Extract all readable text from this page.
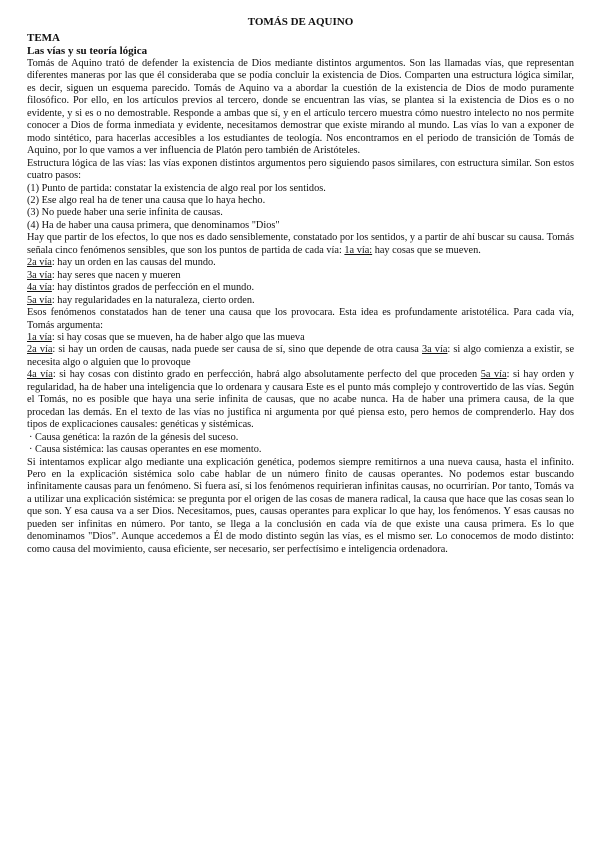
TOMÁS DE AQUINO
TEMA
Las vías y su teoría lógica

Tomás de Aquino trató de defender la existencia de Dios mediante distintos argumentos. Son las llamadas vías, que representan diferentes maneras por las que él consideraba que se podía concluir la existencia de Dios. Comparten una estructura lógica similar, es decir, siguen un esquema parecido. Tomás de Aquino va a abordar la cuestión de la existencia de Dios de modo puramente filosófico. Por ello, en los artículos previos al tercero, donde se encuentran las vías, se plantea si la existencia de Dios es o no evidente, y si es o no demostrable. Responde a ambas que sí, y en el artículo tercero muestra cómo nuestro intelecto no nos permite conocer a Dios de forma inmediata y evidente, necesitamos demostrar que existe mirando al mundo. Las vías lo van a exponer de modo sintético, para hacerlas accesibles a los estudiantes de teología. Nos encontramos en el periodo de transición de Tomás de Aquino, por lo que vamos a ver influencia de Platón pero también de Aristóteles.

Estructura lógica de las vías: las vías exponen distintos argumentos pero siguiendo pasos similares, con estructura similar. Son estos cuatro pasos:

(1) Punto de partida: constatar la existencia de algo real por los sentidos.
(2) Ese algo real ha de tener una causa que lo haya hecho.
(3) No puede haber una serie infinita de causas.
(4) Ha de haber una causa primera, que denominamos "Dios"

Hay que partir de los efectos, lo que nos es dado sensiblemente, constatado por los sentidos, y a partir de ahí buscar su causa. Tomás señala cinco fenómenos sensibles, que son los puntos de partida de cada vía: 1a vía: hay cosas que se mueven.

2a vía: hay un orden en las causas del mundo.
3a vía: hay seres que nacen y mueren
4a vía: hay distintos grados de perfección en el mundo.
5a vía: hay regularidades en la naturaleza, cierto orden.

Esos fenómenos constatados han de tener una causa que los provocara. Esta idea es profundamente aristotélica. Para cada vía, Tomás argumenta:

1a vía: si hay cosas que se mueven, ha de haber algo que las mueva
2a vía: si hay un orden de causas, nada puede ser causa de sí, sino que depende de otra causa 3a vía: si algo comienza a existir, se necesita algo o alguien que lo provoque
4a vía: si hay cosas con distinto grado en perfección, habrá algo absolutamente perfecto del que proceden 5a vía: si hay orden y regularidad, ha de haber una inteligencia que lo ordenara y causara Este es el punto más complejo y controvertido de las vías. Según el Tomás, no es posible que haya una serie infinita de causas, que no acabe nunca. Ha de haber una primera causa, de la que procedan las demás. En el texto de las vías no justifica ni argumenta por qué piensa esto, pero hemos de comprenderlo. Hay dos tipos de explicaciones causales: genéticas y sistémicas.

· Causa genética: la razón de la génesis del suceso.
· Causa sistémica: las causas operantes en ese momento.

Si intentamos explicar algo mediante una explicación genética, podemos siempre remitirnos a una nueva causa, hasta el infinito. Pero en la explicación sistémica solo cabe hablar de un número finito de causas operantes. No podemos estar buscando infinitamente causas para un fenómeno. Si fuera así, si los fenómenos requirieran infinitas causas, no ocurrirían. Por tanto, Tomás va a utilizar una explicación sistémica: se pregunta por el origen de las cosas de manera radical, la causa que hace que las cosas sean lo que son. Y esa causa va a ser Dios. Necesitamos, pues, causas operantes para explicar lo que hay, los fenómenos. Y esas causas no pueden ser infinitas en número. Por tanto, se llega a la conclusión en cada vía de que existe una causa primera. Es lo que denominamos "Dios". Aunque accedemos a Él de modo distinto según las vías, es el mismo ser. Lo conocemos de modo distinto: como causa del movimiento, causa eficiente, ser necesario, ser perfectísimo e inteligencia ordenadora.
